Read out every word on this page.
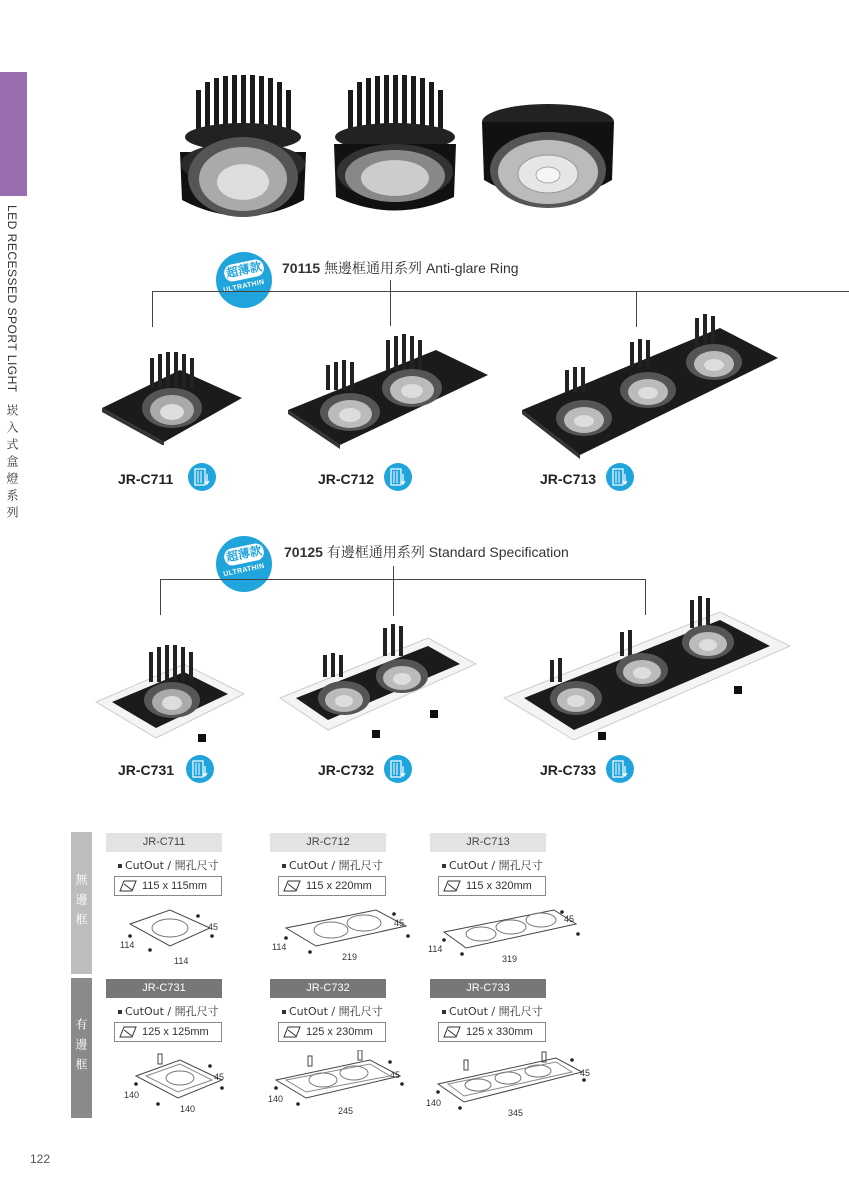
LED RECESSED SPORT LIGHT 崁入式盒燈系列
超薄款
ULTRATHIN
70115 無邊框通用系列 Anti-glare Ring
JR-C711	JR-C712	JR-C713
超薄款
ULTRATHIN
70125 有邊框通用系列 Standard Specification
JR-C731	JR-C732	JR-C733
無邊框
有邊框
JR-C711
CutOut / 開孔尺寸
115 x 115mm
JR-C712
CutOut / 開孔尺寸
115 x 220mm
JR-C713
CutOut / 開孔尺寸
115 x 320mm
114
114
45
114
219
45
114
319
45
JR-C731
CutOut / 開孔尺寸
125 x 125mm
JR-C732
CutOut / 開孔尺寸
125 x 230mm
JR-C733
CutOut / 開孔尺寸
125 x 330mm
140
140
45
140
245
45
140
345
45
122
